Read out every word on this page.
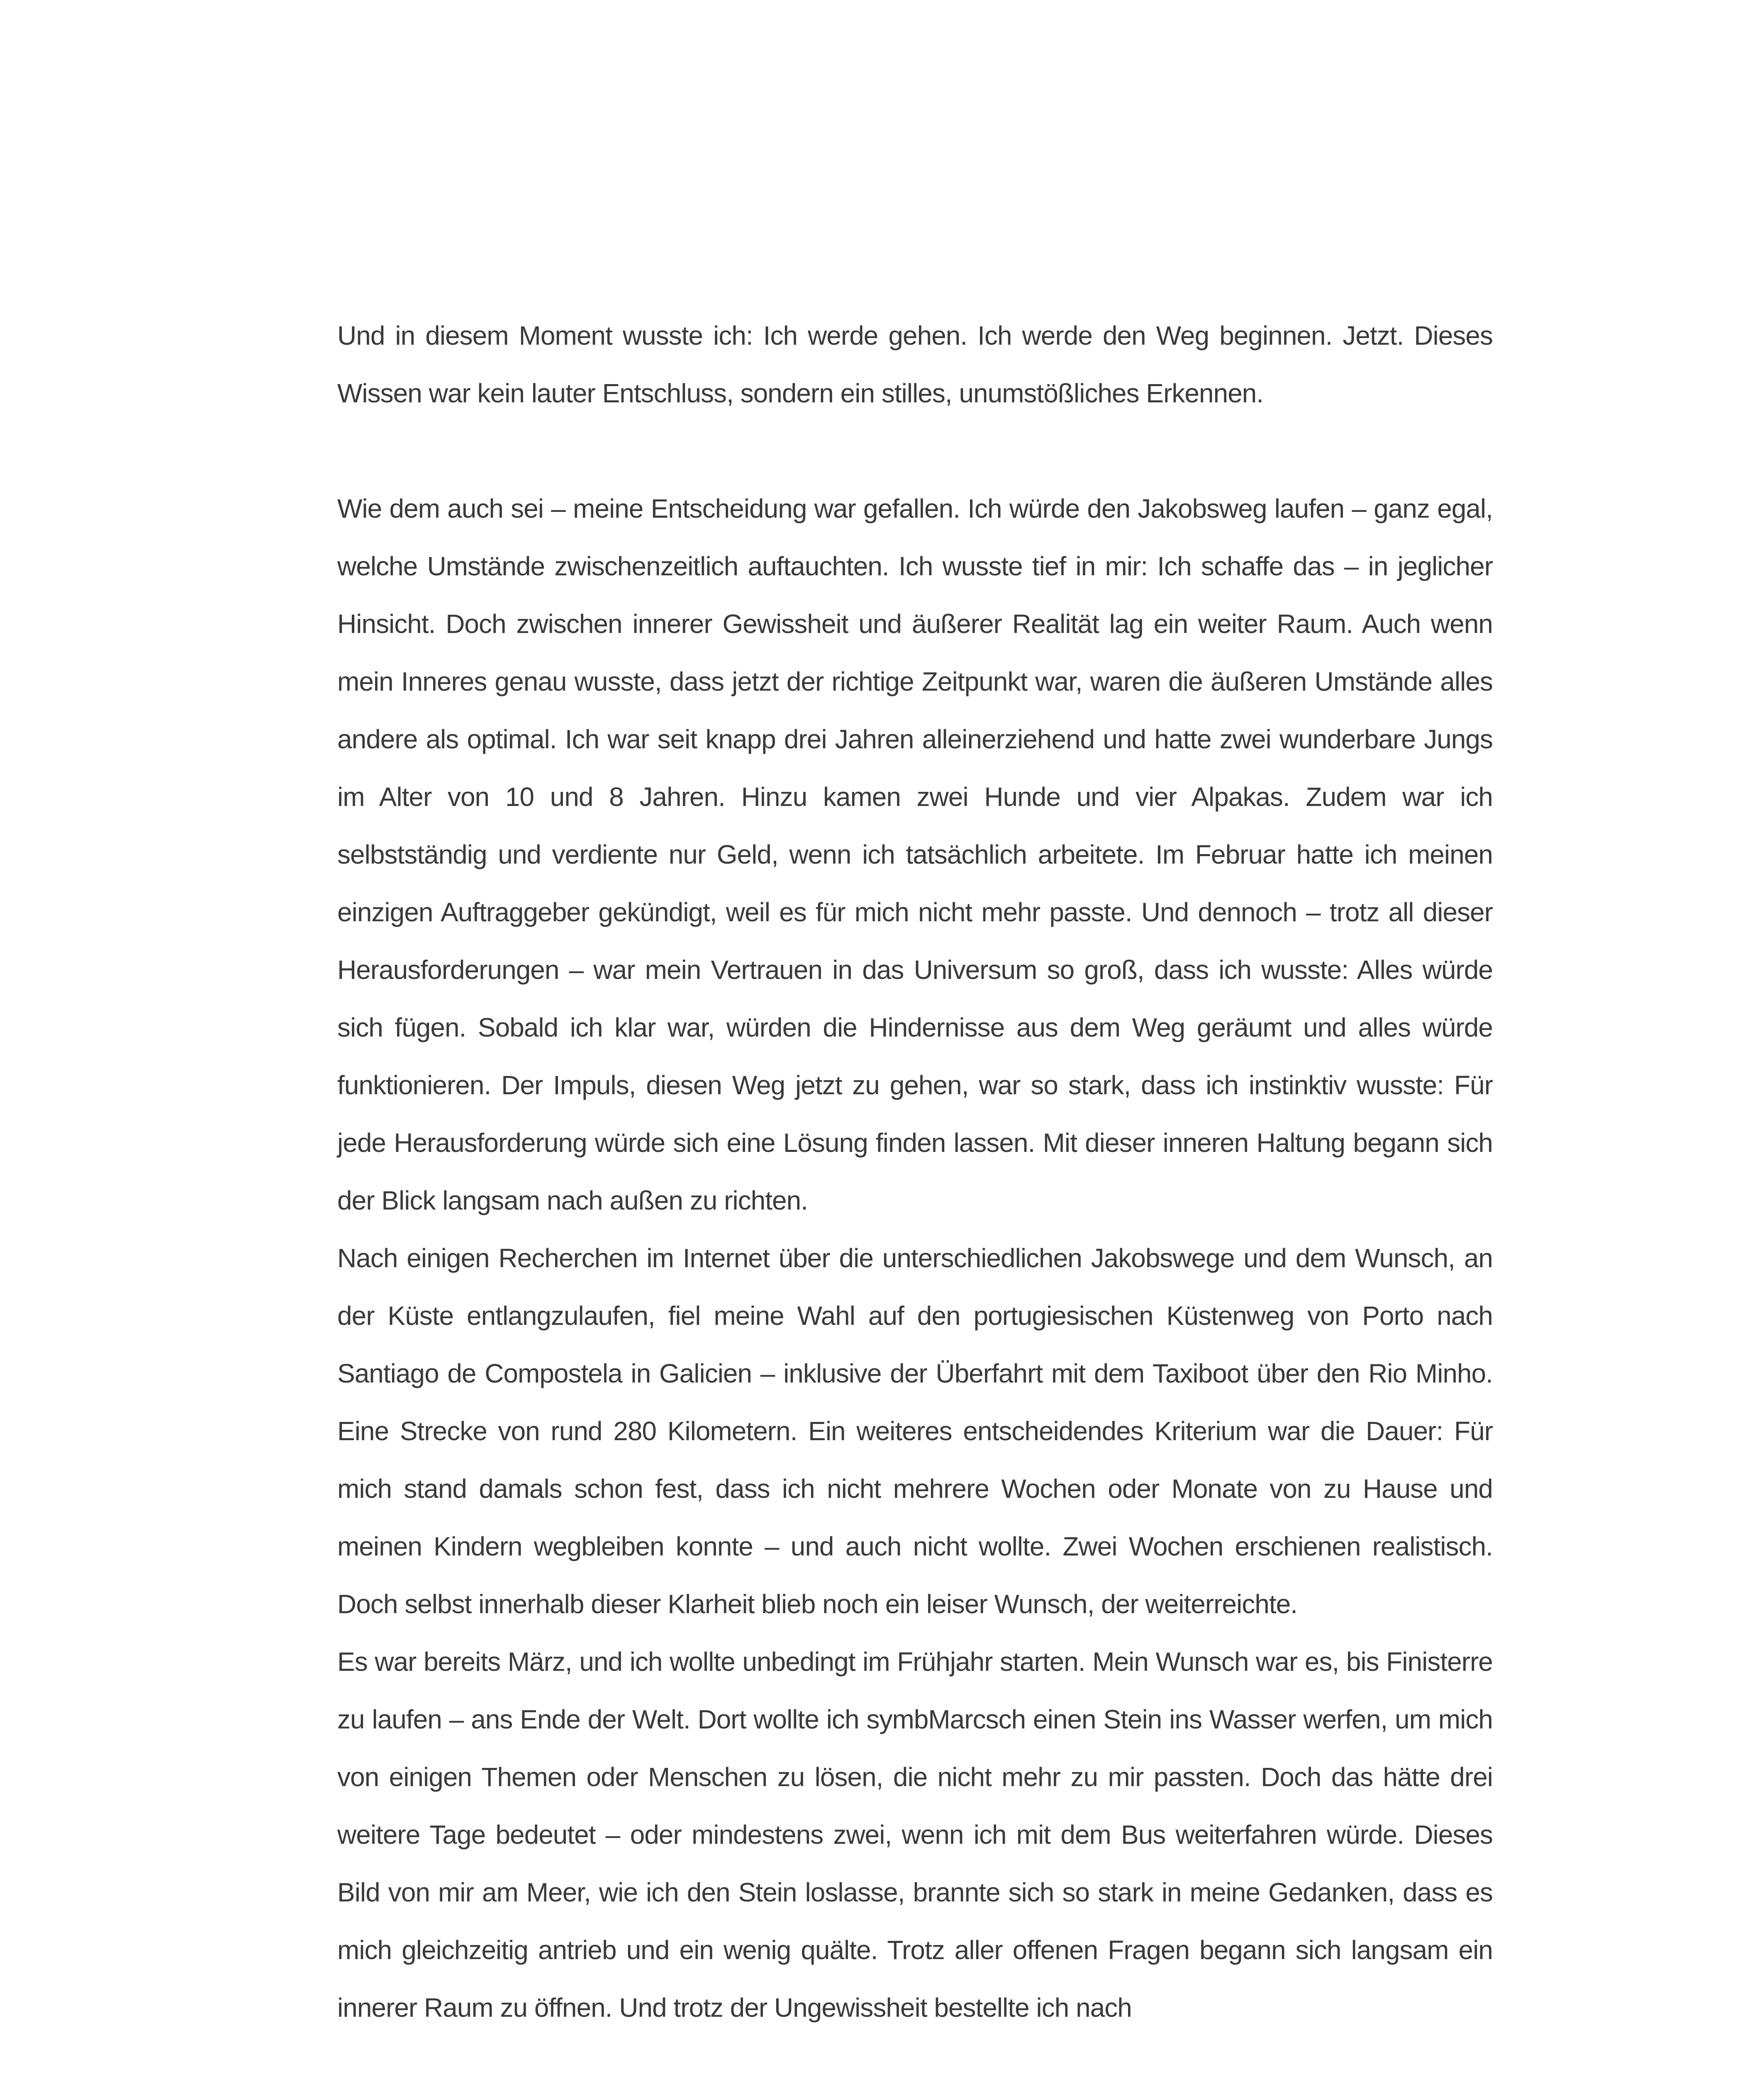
Und in diesem Moment wusste ich: Ich werde gehen. Ich werde den Weg beginnen. Jetzt. Dieses Wissen war kein lauter Entschluss, sondern ein stilles, unumstößliches Erkennen.

Wie dem auch sei – meine Entscheidung war gefallen. Ich würde den Jakobsweg laufen – ganz egal, welche Umstände zwischenzeitlich auftauchten. Ich wusste tief in mir: Ich schaffe das – in jeglicher Hinsicht. Doch zwischen innerer Gewissheit und äußerer Realität lag ein weiter Raum. Auch wenn mein Inneres genau wusste, dass jetzt der richtige Zeitpunkt war, waren die äußeren Umstände alles andere als optimal. Ich war seit knapp drei Jahren alleinerziehend und hatte zwei wunderbare Jungs im Alter von 10 und 8 Jahren. Hinzu kamen zwei Hunde und vier Alpakas. Zudem war ich selbstständig und verdiente nur Geld, wenn ich tatsächlich arbeitete. Im Februar hatte ich meinen einzigen Auftraggeber gekündigt, weil es für mich nicht mehr passte. Und dennoch – trotz all dieser Herausforderungen – war mein Vertrauen in das Universum so groß, dass ich wusste: Alles würde sich fügen. Sobald ich klar war, würden die Hindernisse aus dem Weg geräumt und alles würde funktionieren. Der Impuls, diesen Weg jetzt zu gehen, war so stark, dass ich instinktiv wusste: Für jede Herausforderung würde sich eine Lösung finden lassen. Mit dieser inneren Haltung begann sich der Blick langsam nach außen zu richten.

Nach einigen Recherchen im Internet über die unterschiedlichen Jakobswege und dem Wunsch, an der Küste entlangzulaufen, fiel meine Wahl auf den portugiesischen Küstenweg von Porto nach Santiago de Compostela in Galicien – inklusive der Überfahrt mit dem Taxiboot über den Rio Minho. Eine Strecke von rund 280 Kilometern. Ein weiteres entscheidendes Kriterium war die Dauer: Für mich stand damals schon fest, dass ich nicht mehrere Wochen oder Monate von zu Hause und meinen Kindern wegbleiben konnte – und auch nicht wollte. Zwei Wochen erschienen realistisch. Doch selbst innerhalb dieser Klarheit blieb noch ein leiser Wunsch, der weiterreichte.

Es war bereits März, und ich wollte unbedingt im Frühjahr starten. Mein Wunsch war es, bis Finisterre zu laufen – ans Ende der Welt. Dort wollte ich symbMarcsch einen Stein ins Wasser werfen, um mich von einigen Themen oder Menschen zu lösen, die nicht mehr zu mir passten. Doch das hätte drei weitere Tage bedeutet – oder mindestens zwei, wenn ich mit dem Bus weiterfahren würde. Dieses Bild von mir am Meer, wie ich den Stein loslasse, brannte sich so stark in meine Gedanken, dass es mich gleichzeitig antrieb und ein wenig quälte. Trotz aller offenen Fragen begann sich langsam ein innerer Raum zu öffnen. Und trotz der Ungewissheit bestellte ich nach
